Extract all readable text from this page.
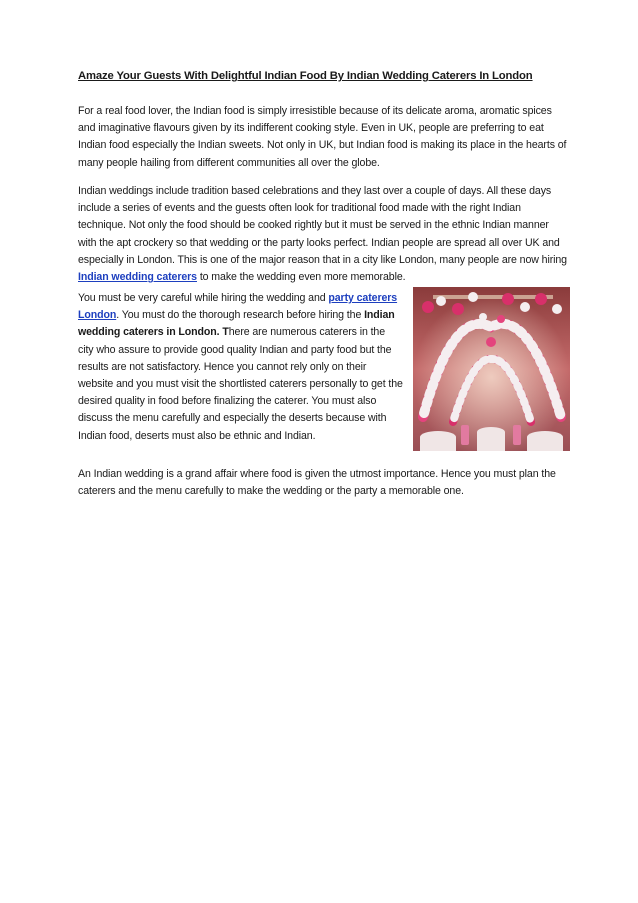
Amaze Your Guests With Delightful Indian Food By Indian Wedding Caterers In London
For a real food lover, the Indian food is simply irresistible because of its delicate aroma, aromatic spices and imaginative flavours given by its indifferent cooking style. Even in UK, people are preferring to eat Indian food especially the Indian sweets. Not only in UK, but Indian food is making its place in the hearts of many people hailing from different communities all over the globe.
Indian weddings include tradition based celebrations and they last over a couple of days. All these days include a series of events and the guests often look for traditional food made with the right Indian technique. Not only the food should be cooked rightly but it must be served in the ethnic Indian manner with the apt crockery so that wedding or the party looks perfect. Indian people are spread all over UK and especially in London. This is one of the major reason that in a city like London, many people are now hiring Indian wedding caterers to make the wedding even more memorable.
You must be very careful while hiring the wedding and party caterers London. You must do the thorough research before hiring the Indian wedding caterers in London. There are numerous caterers in the city who assure to provide good quality Indian and party food but the results are not satisfactory. Hence you cannot rely only on their website and you must visit the shortlisted caterers personally to get the desired quality in food before finalizing the caterer. You must also discuss the menu carefully and especially the deserts because with Indian food, deserts must also be ethnic and Indian.
An Indian wedding is a grand affair where food is given the utmost importance. Hence you must plan the caterers and the menu carefully to make the wedding or the party a memorable one.
